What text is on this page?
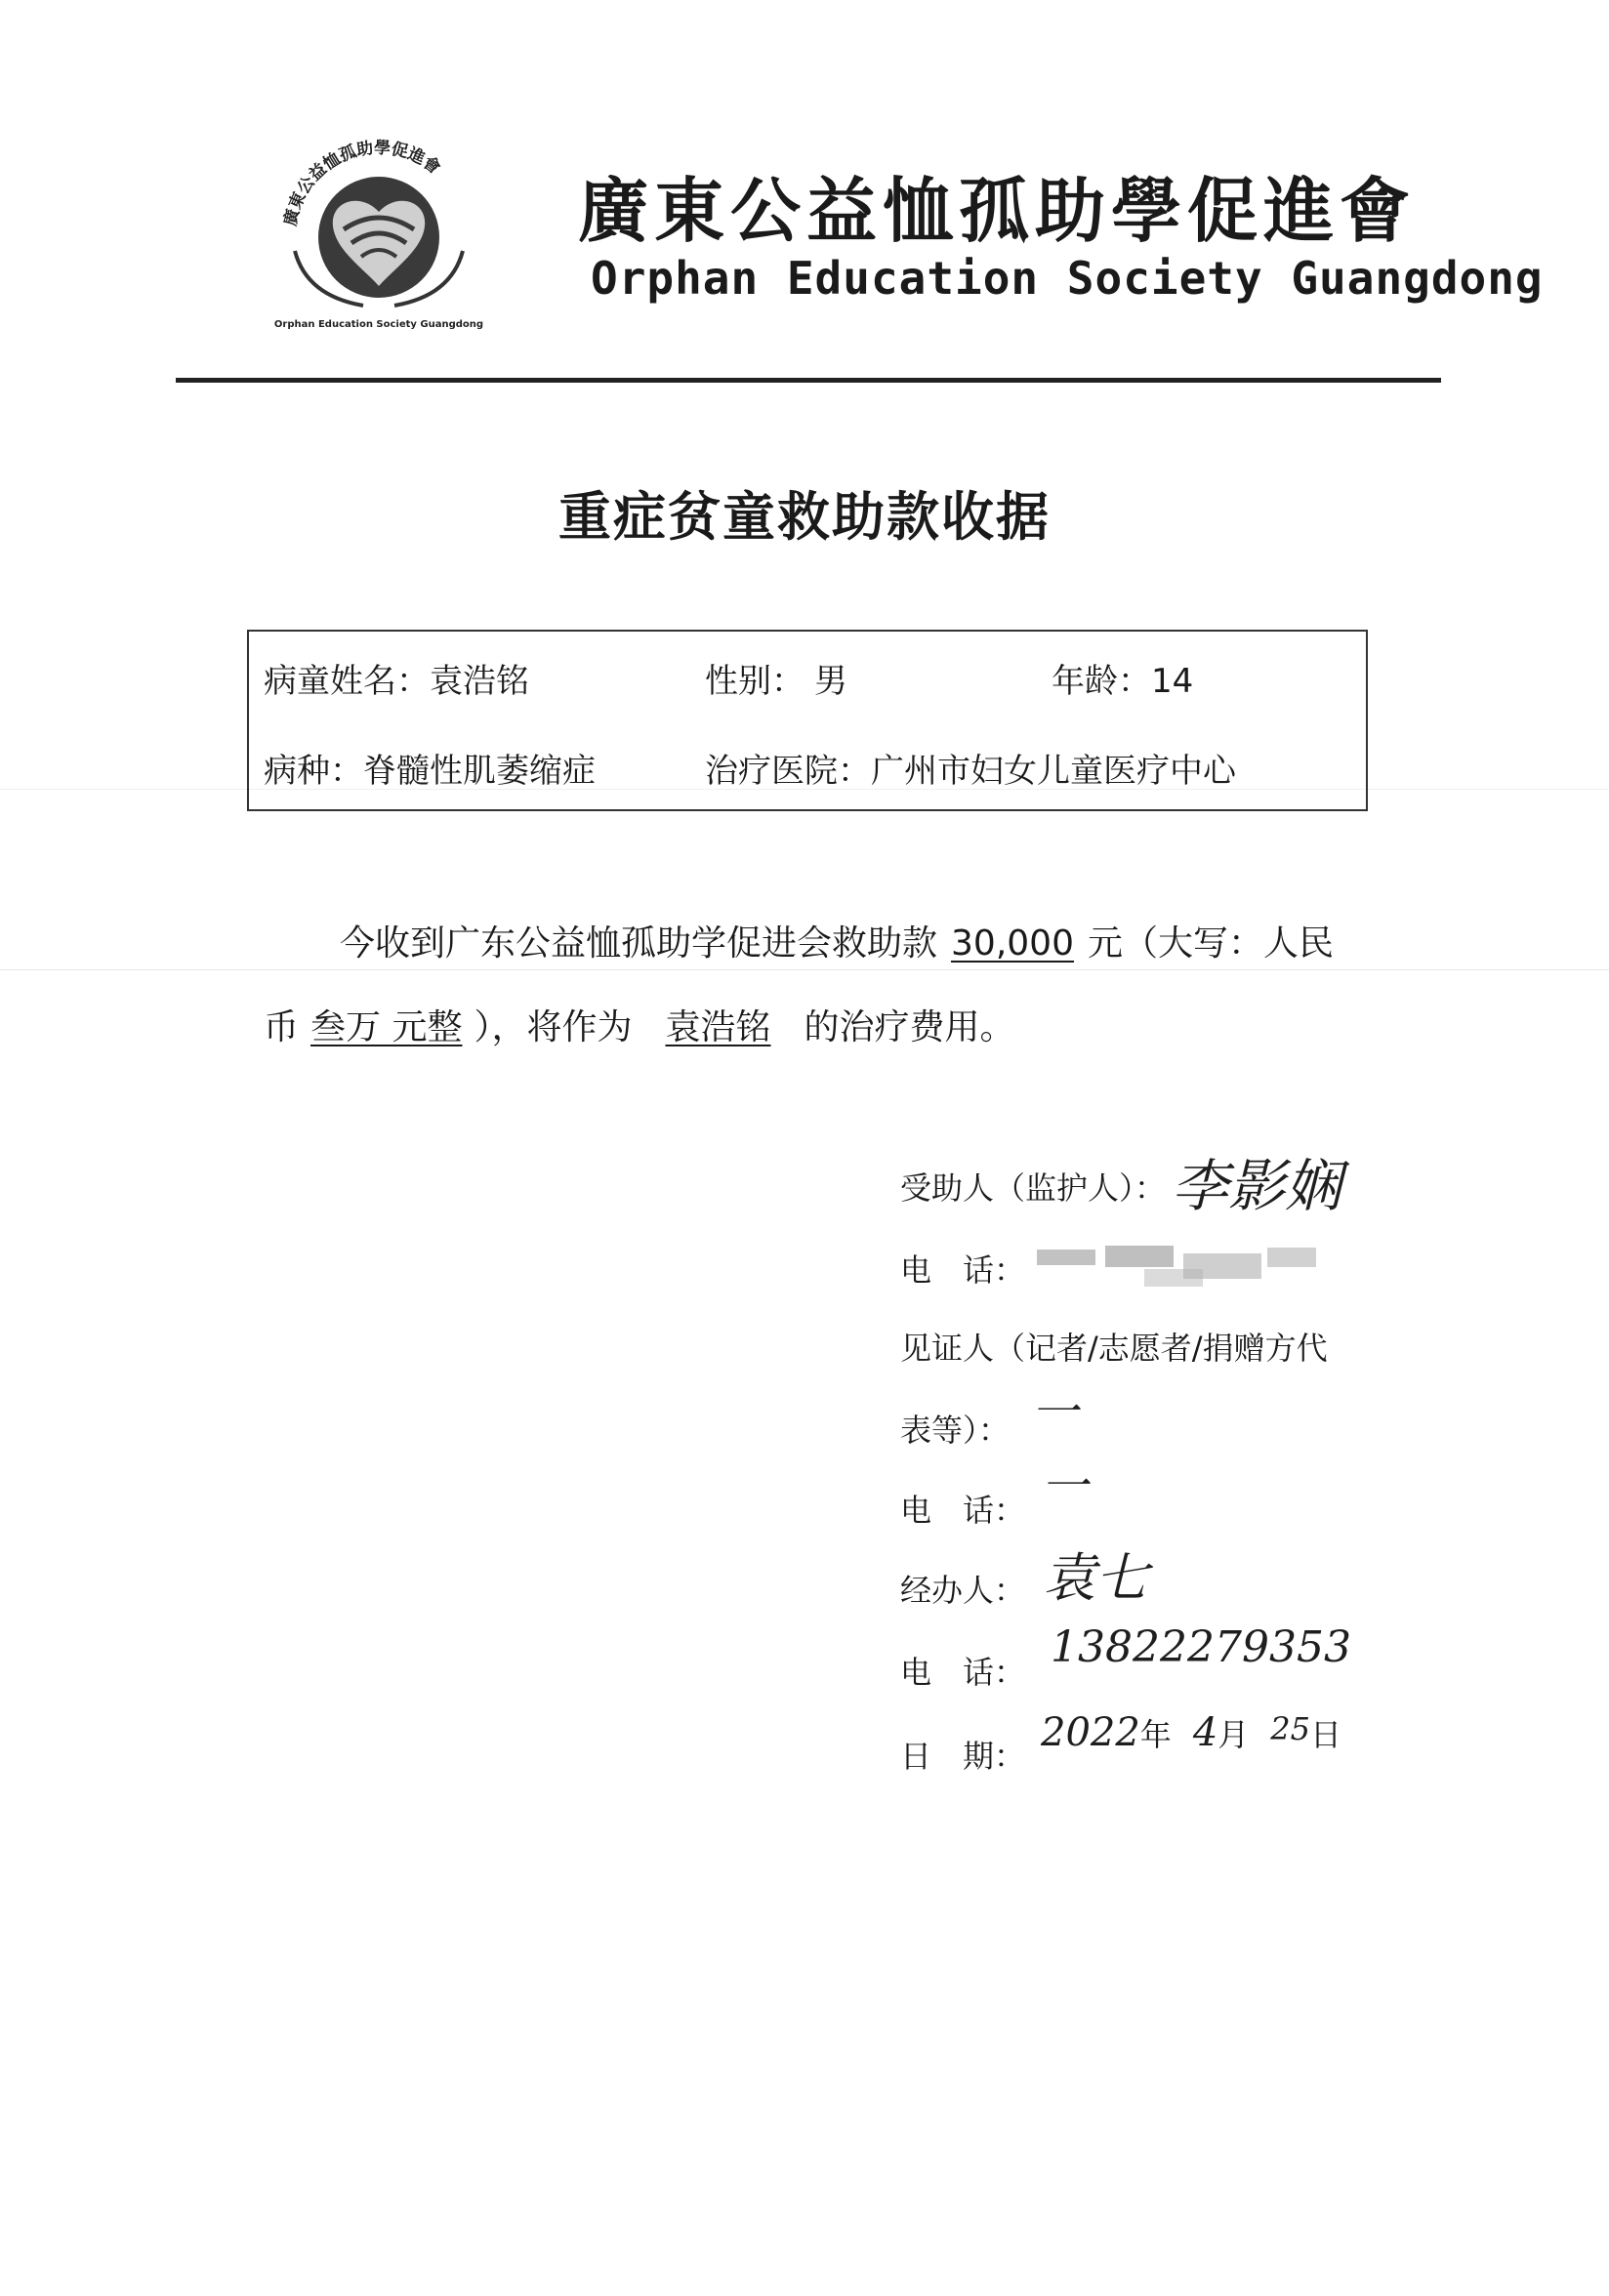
廣東公益恤孤助學促進會
Orphan Education Society Guangdong
廣東公益恤孤助學促進會
Orphan Education Society Guangdong
重症贫童救助款收据
病童姓名：袁浩铭	性别： 男	年龄：14
病种：脊髓性肌萎缩症	治疗医院：广州市妇女儿童医疗中心
今收到广东公益恤孤助学促进会救助款 30,000 元（大写：人民
币 叁万 元整 ），将作为 袁浩铭 的治疗费用。
受助人（监护人）： 李影娴
电　话：
见证人（记者/志愿者/捐赠方代
表等）： 一
电　话： 一
经办人： 袁七
电　话： 13822279353
日　期：
2022年 4月 25日
